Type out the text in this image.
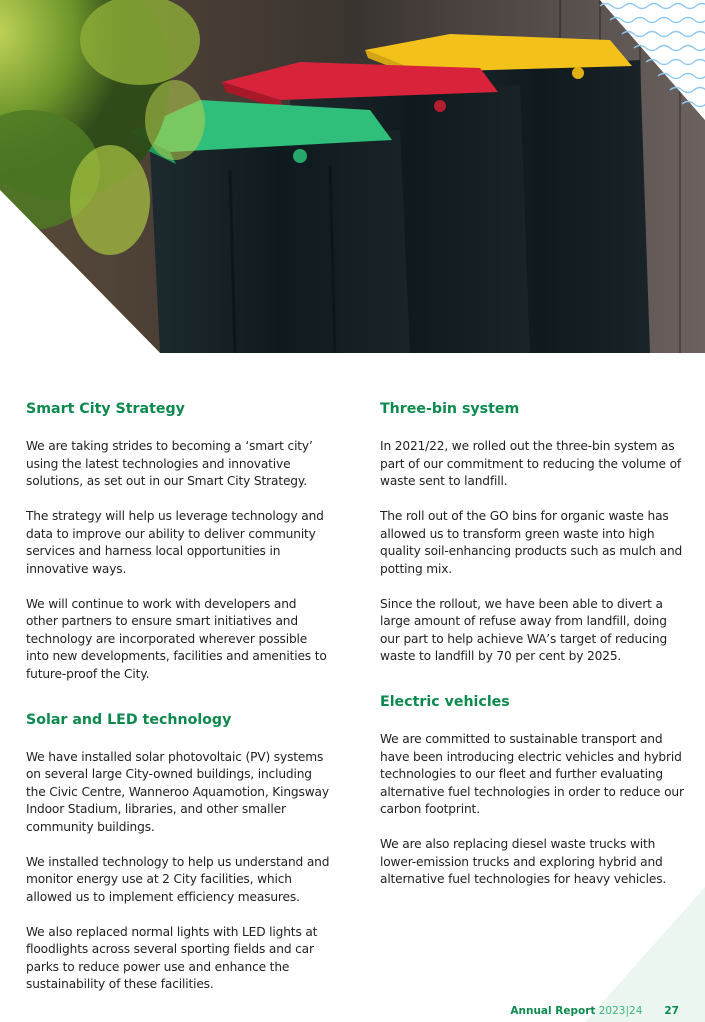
Smart City Strategy

We are taking strides to becoming a ‘smart city’ using the latest technologies and innovative solutions, as set out in our Smart City Strategy.

The strategy will help us leverage technology and data to improve our ability to deliver community services and harness local opportunities in innovative ways.

We will continue to work with developers and other partners to ensure smart initiatives and technology are incorporated wherever possible into new developments, facilities and amenities to future-proof the City.

Solar and LED technology

We have installed solar photovoltaic (PV) systems on several large City-owned buildings, including the Civic Centre, Wanneroo Aquamotion, Kingsway Indoor Stadium, libraries, and other smaller community buildings.

We installed technology to help us understand and monitor energy use at 2 City facilities, which allowed us to implement efficiency measures.

We also replaced normal lights with LED lights at floodlights across several sporting fields and car parks to reduce power use and enhance the sustainability of these facilities.

Three-bin system

In 2021/22, we rolled out the three-bin system as part of our commitment to reducing the volume of waste sent to landfill.

The roll out of the GO bins for organic waste has allowed us to transform green waste into high quality soil-enhancing products such as mulch and potting mix.

Since the rollout, we have been able to divert a large amount of refuse away from landfill, doing our part to help achieve WA’s target of reducing waste to landfill by 70 per cent by 2025.

Electric vehicles

We are committed to sustainable transport and have been introducing electric vehicles and hybrid technologies to our fleet and further evaluating alternative fuel technologies in order to reduce our carbon footprint.

We are also replacing diesel waste trucks with lower-emission trucks and exploring hybrid and alternative fuel technologies for heavy vehicles.

Annual Report 2023|24 27
